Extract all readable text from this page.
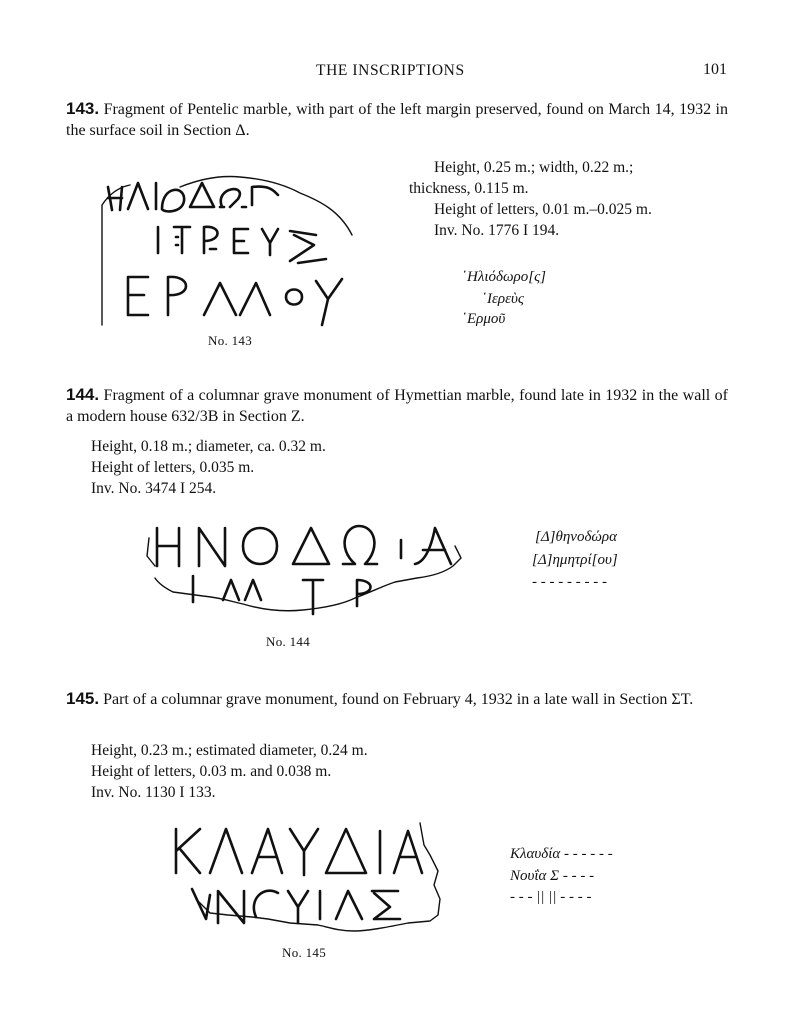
THE INSCRIPTIONS	101
143. Fragment of Pentelic marble, with part of the left margin preserved, found on March 14, 1932 in the surface soil in Section Δ.
Height, 0.25 m.; width, 0.22 m.;
thickness, 0.115 m.
Height of letters, 0.01 m.–0.025 m.
Inv. No. 1776 I 194.
῾Ηλιόδωρο[ς]
῾Ιερεὺς
῾Ερμοῦ
No. 143
144. Fragment of a columnar grave monument of Hymettian marble, found late in 1932 in the wall of a modern house 632/3B in Section Z.
Height, 0.18 m.; diameter, ca. 0.32 m.
Height of letters, 0.035 m.
Inv. No. 3474 I 254.
[Δ]θηνοδώρα
[Δ]ημητρί[ου]
- - - - - - - - -
No. 144
145. Part of a columnar grave monument, found on February 4, 1932 in a late wall in Section ΣΤ.
Height, 0.23 m.; estimated diameter, 0.24 m.
Height of letters, 0.03 m. and 0.038 m.
Inv. No. 1130 I 133.
Κλαυδία - - - - - -
Νουΐα Σ - - - -
- - - || || - - - -
No. 145
